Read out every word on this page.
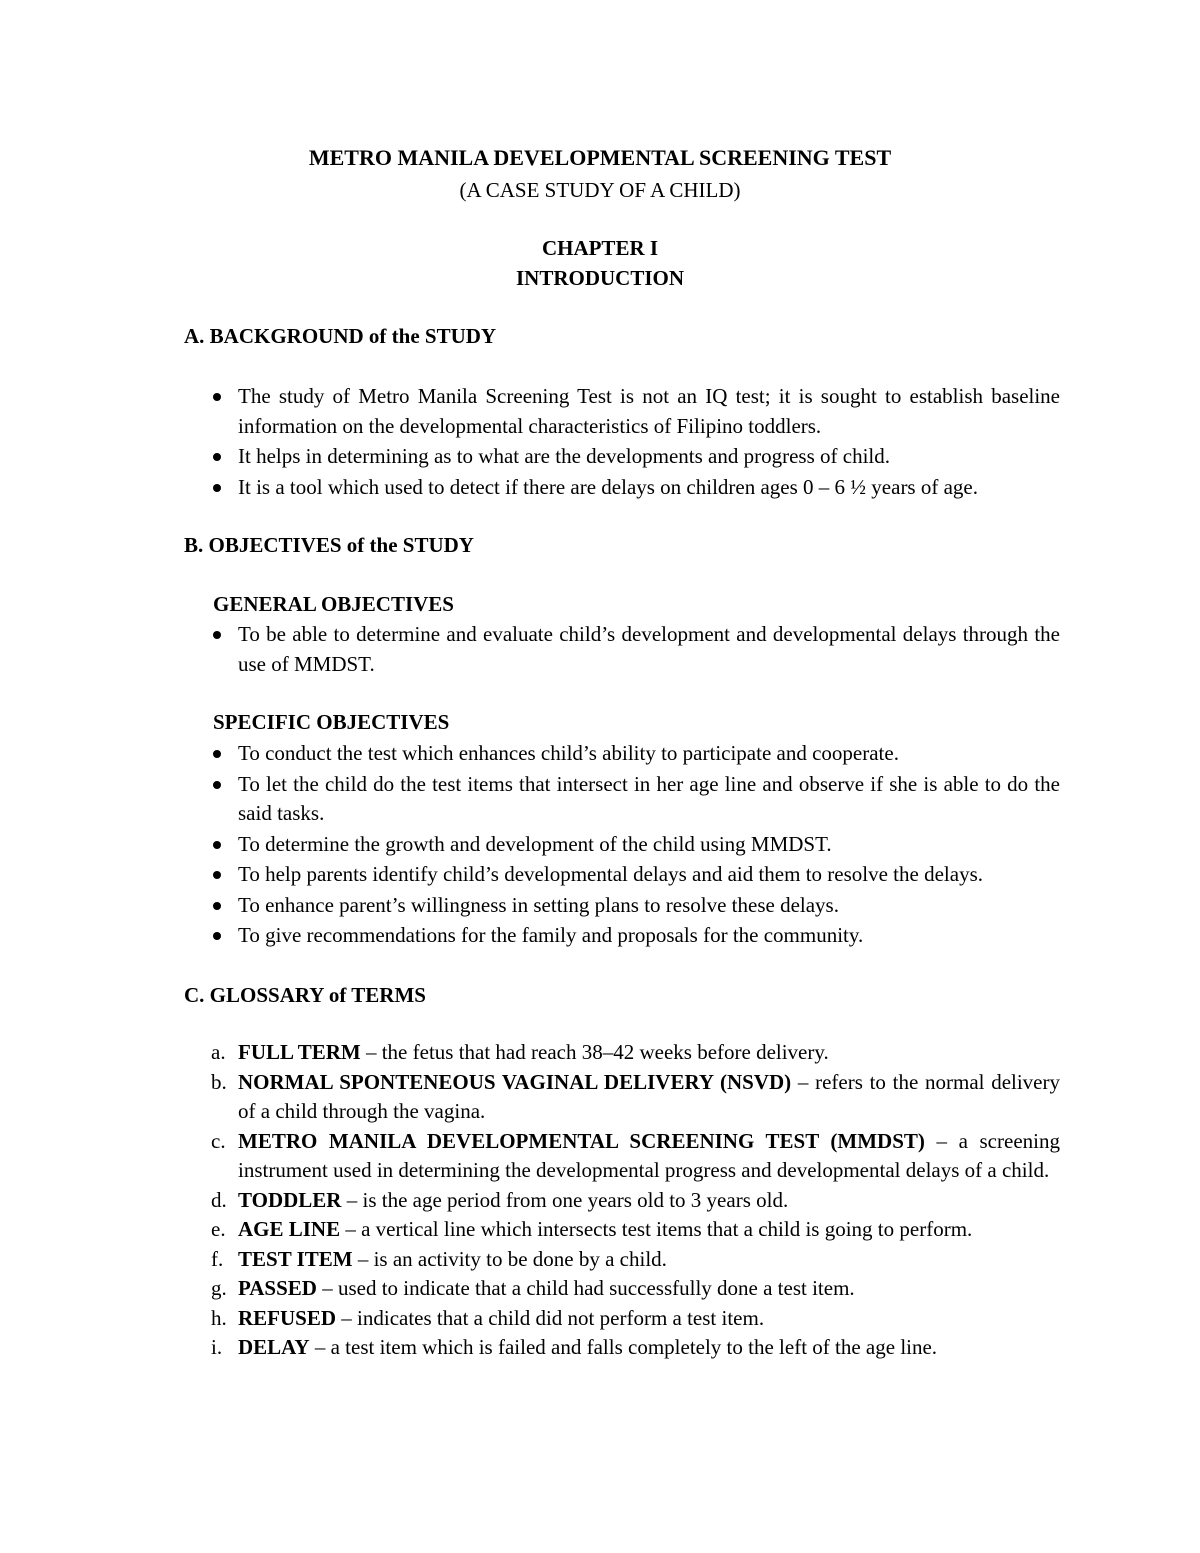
METRO MANILA DEVELOPMENTAL SCREENING TEST

(A CASE STUDY OF A CHILD)

CHAPTER I

INTRODUCTION

A. BACKGROUND of the STUDY

The study of Metro Manila Screening Test is not an IQ test; it is sought to establish baseline information on the developmental characteristics of Filipino toddlers.
It helps in determining as to what are the developments and progress of child.
It is a tool which used to detect if there are delays on children ages 0 – 6 ½ years of age.

B. OBJECTIVES of the STUDY

GENERAL OBJECTIVES

To be able to determine and evaluate child’s development and developmental delays through the use of MMDST.

SPECIFIC OBJECTIVES

To conduct the test which enhances child’s ability to participate and cooperate.
To let the child do the test items that intersect in her age line and observe if she is able to do the said tasks.
To determine the growth and development of the child using MMDST.
To help parents identify child’s developmental delays and aid them to resolve the delays.
To enhance parent’s willingness in setting plans to resolve these delays.
To give recommendations for the family and proposals for the community.

C. GLOSSARY of TERMS

a. FULL TERM – the fetus that had reach 38–42 weeks before delivery.
b. NORMAL SPONTENEOUS VAGINAL DELIVERY (NSVD) – refers to the normal delivery of a child through the vagina.
c. METRO MANILA DEVELOPMENTAL SCREENING TEST (MMDST) – a screening instrument used in determining the developmental progress and developmental delays of a child.
d. TODDLER – is the age period from one years old to 3 years old.
e. AGE LINE – a vertical line which intersects test items that a child is going to perform.
f. TEST ITEM – is an activity to be done by a child.
g. PASSED – used to indicate that a child had successfully done a test item.
h. REFUSED – indicates that a child did not perform a test item.
i. DELAY – a test item which is failed and falls completely to the left of the age line.
